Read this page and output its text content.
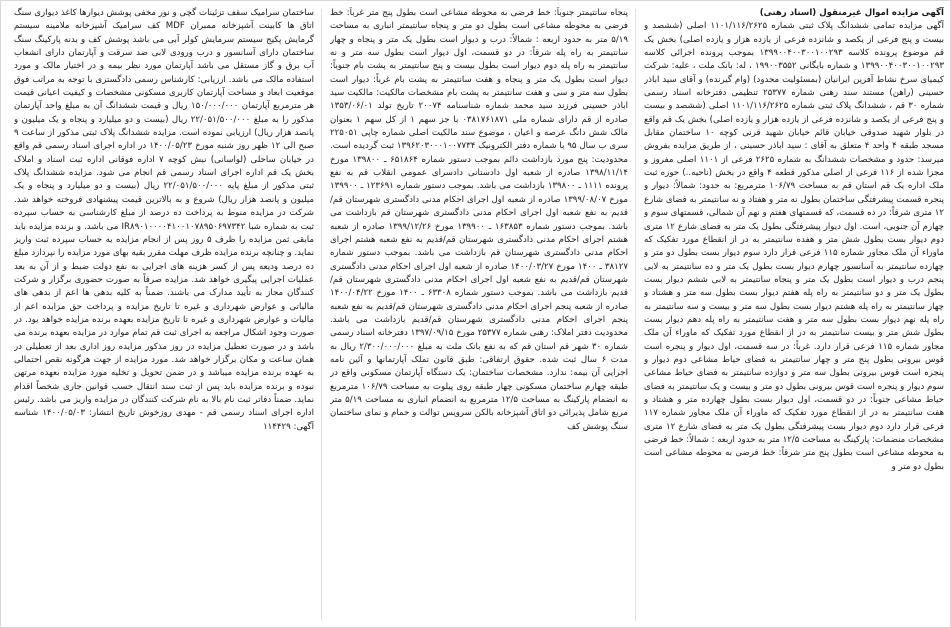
آگهی مزایده اموال غیرمنقول (اسناد رهنی)

آگهی مزایده تمامی ششدانگ پلاک ثبتی شماره ۱۱۰۱/۱۱۶/۲۶۲۵ اصلی (ششصد و بیست و پنج فرعی از یکصد و شانزده فرعی از یازده هزار و یازده اصلی) بخش یک قم موضوع پرونده کلاسه ۱۳۹۹۰۰۴۰۰۳۰۰۱۰۰۲۹۳ بموجب پرونده اجرائی کلاسه ۱۳۹۹۰۰۴۰۰۳۰۰۱۰۰۲۹۳ و شماره بایگانی ۱۹۹۰۰۳۵۵۲ ، له: بانک ملت ، علیه: شرکت کیمیای سرخ نشاط آفرین ایرانیان (بمسئولیت محدود) (وام گیرنده) و آقای سید اباذر حسینی (راهن) مستند سند رهنی شماره ۲۵۳۷۷ تنظیمی دفترخانه اسناد رسمی شماره ۳۰ قم ، ششدانگ پلاک ثبتی شماره ۱۱۰۱/۱۱۶/۲۶۲۵ اصلی (ششصد و بیست و پنج فرعی از یکصد و شانزده فرعی از یازده هزار و یازده اصلی) بخش یک قم واقع در بلوار شهید صدوقی خیابان قائم خیابان شهید قرنی کوچه ۱۰ ساختمان مقابل مسجد طبقه ۴ واحد ۴ متعلق به آقای : سید اباذر حسینی ، از طریق مزایده بفروش میرسد: حدود و مشخصات ششدانگ به شماره ۲۶۲۵ فرعی از ۱۱۰۱ اصلی مفروز و مجزا شده از ۱۱۶ فرعی از اصلی مذکور قطعه ۴ واقع در بخش (ناحیه..) حوزه ثبت ملک اداره یک قم استان قم به مساحت ۱۰۶/۷۹ مترمربع: به حدود: شمالاً: دیوار و پنجره قسمت پیشرفتگی ساختمان بطول نه متر و هفتاد و نه سانتیمتر به فضای شارع ۱۲ متری شرقاً: در ده قسمت، که قسمتهای هفتم و نهم آن شمالی، قسمتهای سوم و چهارم آن جنوبی، است. اول دیوار پیشرفتگی بطول یک متر به فضای شارع ۱۲ متری دوم دیوار بست بطول شش متر و هفده سانتیمتر به در از انقطاع مورد تفکیک که ماوراء آن ملک مجاور شماره ۱۱۵ فرعی قرار دارد سوم دیوار بست بطول دو متر و چهارده سانتیمتر به آسانسور چهارم دیوار بست بطول یک متر و ده سانتیمتر به لابی پنجم درب و دیوار است بطول یک متر و پنجاه سانتیمتر به لابی ششم دیوار بست بطول یک متر و دو سانتیمتر به راه پله هفتم دیوار بست بطول سه متر و هشتاد و چهار سانتیمتر به راه پله هشتم دیوار بست بطول سه متر و بیست و سه سانتیمتر به راه پله نهم دیوار بست بطول سه متر و هفت سانتیمتر به راه پله دهم دیوار بست بطول شش متر و بیست سانتیمتر به در از انقطاع مورد تفکیک که ماوراء آن ملک مجاور شماره ۱۱۵ فرعی قرار دارد. غرباً: در سه قسمت، اول دیوار و پنجره است قوس بیرونی بطول پنج متر و چهار سانتیمتر به فضای حیاط مشاعی دوم دیوار و پنجره است قوس بیرونی بطول سه متر و دوازده سانتیمتر به فضای حیاط مشاعی سوم دیوار و پنجره است قوس بیرونی بطول دو متر و بیست و یک سانتیمتر به فضای حیاط مشاعی جنوباً: در دو قسمت، اول دیوار بست بطول چهارده متر و هشتاد و هفت سانتیمتر به در از انقطاع مورد تفکیک که ماوراء آن ملک مجاور شماره ۱۱۷ فرعی قرار دارد دوم دیوار بست پیشرفتگی بطول یک متر به فضای شارع ۱۲ متری مشخصات منضمات: پارکینگ به مساحت ۱۲/۵ متر به حدود اربعه : شمالاً: خط فرضی به محوطه مشاعی است بطول پنج متر شرقاً: خط فرضی به محوطه مشاعی است بطول دو متر و

پنجاه سانتیمتر جنوباً: خط فرضی به محوطه مشاعی است بطول پنج متر غرباً: خط فرضی به محوطه مشاعی است بطول دو متر و پنجاه سانتیمتر انباری به مساحت ۵/۱۹ متر به حدود اربعه : شمالاً: درب و دیوار است بطول یک متر و پنجاه و چهار سانتیمتر به راه پله شرقاً: در دو قسمت، اول دیوار است بطول سه متر و نه سانتیمتر به راه پله دوم دیوار است بطول بیست و پنج سانتیمتر به پشت بام جنوباً: دیوار است بطول یک متر و پنجاه و هفت سانتیمتر به پشت بام غرباً: دیوار است بطول سه متر و سی و هفت سانتیمتر به پشت بام مشخصات مالکیت: مالکیت سید اباذر حسینی فرزند سید محمد شماره شناسنامه ۲۰۰۷۴ تاریخ تولد ۱۳۵۳/۰۶/۰۱ صادره از قم دارای شماره ملی ۰۳۸۱۷۶۱۸۷۱ با جز سهم ۱ از کل سهم ۱ بعنوان مالک شش دانگ عرصه و اعیان ، موضوع سند مالکیت اصلی شماره چاپی ۲۲۵۰۵۱ سری ب سال ۹۵ با شماره دفتر الکترونیک ۱۳۹۶۲۰۳۰۰۰۱۰۰۷۷۳۴ ثبت گردیده است. محدودیت: پنج مورد بازداشت دائم بموجب دستور شماره ۶۵۱۸۶۴ ـ ۱۳۹۸۰۰ مورخ ۱۳۹۸/۱۱/۱۴ صادره از شعبه اول دادستانی دادسرای عمومی انقلاب قم به نفع پرونده ۱۱۱۱ ـ ۱۳۹۸۰۰ بازداشت می باشد. بموجب دستور شماره ۱۲۳۶۹۱ ـ ۱۳۹۹۰۰ مورخ ۱۳۹۹/۰۸/۰۷ صادره از شعبه اول اجرای احکام مدنی دادگستری شهرستان قم/قدیم به نفع شعبه اول اجرای احکام مدنی دادگستری شهرستان قم بازداشت می باشد. بموجب دستور شماره ۱۶۳۸۵۳ ـ ۱۳۹۹۰۰ مورخ ۱۳۹۹/۱۲/۲۶ صادره از شعبه هشتم اجرای احکام مدنی دادگستری شهرستان قم/قدیم به نفع شعبه هشتم اجرای احکام مدنی دادگستری شهرستان قم بازداشت می باشد. بموجب دستور شماره ۳۸۱۲۷ ـ ۱۴۰۰ مورخ ۱۴۰۰/۰۳/۲۷ صادره از شعبه اول اجرای احکام مدنی دادگستری شهرستان قم/قدیم به نفع شعبه اول اجرای احکام مدنی دادگستری شهرستان قم/قدیم بازداشت می باشد. بموجب دستور شماره ۶۳۳۰۸ ـ ۱۴۰۰ مورخ ۱۴۰۰/۰۴/۲۲ صادره از شعبه پنجم اجرای احکام مدنی دادگستری شهرستان قم/قدیم به نفع شعبه پنجم اجرای احکام مدنی دادگستری شهرستان قم/قدیم بازداشت می باشد. محدودیت دفتر املاک: رهنی شماره ۲۵۳۷۷ مورخ ۱۳۹۷/۰۹/۱۵ دفترخانه اسناد رسمی شماره ۳۰ شهر قم استان قم که به نفع بانک ملت به مبلغ ۲/۳۰۰/۰۰۰/۰۰۰ ریال به مدت ۶ سال ثبت شده. حقوق ارتفاقی: طبق قانون تملک آپارتمانها و آئین نامه اجرایی آن بیمه: ندارد. مشخصات ساختمان: یک دستگاه آپارتمان مسکونی واقع در طبقه چهارم ساختمان مسکونی چهار طبقه روی پیلوت به مساحت ۱۰۶/۷۹ مترمربع به انضمام پارکینگ به مساحت ۱۲/۵ مترمربع به انضمام انباری به مساحت ۵/۱۹ متر مربع شامل پذیرائی دو اتاق آشپزخانه بالکن سرویس توالت و حمام و نمای ساختمان سنگ پوشش کف

ساختمان سرامیک سقف تزئینات گچی و نور مخفی پوشش دیوارها کاغذ دیواری سنگ اتاق ها کابینت آشپزخانه ممبران MDF کف سرامیک آشپزخانه ملامینه سیستم گرمایش پکیج سیستم سرمایش کولر آبی می باشد پوشش کف و بدنه پارکینگ سنگ ساختمان دارای آسانسور و درب ورودی لابی ضد سرقت و آپارتمان دارای انشعاب آب برق و گاز مستقل می باشد آپارتمان مورد نظر بیمه و در اختیار مالک و مورد استفاده مالک می باشد. ارزیابی: کارشناس رسمی دادگستری با توجه به مراتب فوق موقعیت ابعاد و مساحت آپارتمان کاربری مسکونی مشخصات و کیفیت اعیانی قیمت هر مترمربع آپارتمان ۱۵۰/۰۰۰/۰۰۰ ریال و قیمت ششدانگ آن به مبلغ واحد آپارتمان مذکور را به مبلغ ۲۲/۰۵۱/۵۰۰/۰۰۰ ریال (بیست و دو میلیارد و پنجاه و یک میلیون و پانصد هزار ریال) ارزیابی نموده است. مزایده ششدانگ پلاک ثبتی مذکور از ساعت ۹ صبح الی ۱۲ ظهر روز شنبه مورخ ۱۴۰۰/۰۵/۲۳ در اداره اجرای اسناد رسمی قم واقع در خیابان ساحلی (لواسانی) نبش کوچه ۷ اداره فوقانی اداره ثبت اسناد و املاک بخش یک قم اداره اجرای اسناد رسمی قم انجام می شود. مزایده ششدانگ پلاک ثبتی مذکور از مبلغ پایه ۲۲/۰۵۱/۵۰۰/۰۰۰ ریال (بیست و دو میلیارد و پنجاه و یک میلیون و پانصد هزار ریال) شروع و به بالاترین قیمت پیشنهادی فروخته خواهد شد. شرکت در مزایده منوط به پرداخت ده درصد از مبلغ کارشناسی به حساب سپرده ثبت به شماره شبا IR۸۹۰۱۰۰۰۰۴۱۰۰۱۰۷۸۹۵۰۶۹۷۳۴۲ می باشد. و برنده مزایده باید مابقی ثمن مزایده را ظرف ۵ روز پس از انجام مزایده به حساب سپرده ثبت واریز نماید. و چنانچه برنده مزایده ظرف مهلت مقرر بقیه بهای مورد مزایده را نپردازد مبلغ ده درصد ودیعه پس از کسر هزینه های اجرایی به نفع دولت ضبط و از آن به بعد عملیات اجرایی پیگیری خواهد شد. مزایده صرفاً به صورت حضوری برگزار و شرکت کنندگان مجاز به تأیید مدارک می باشند. ضمناً به کلیه بدهی ها اعم از بدهی های مالیاتی و عوارض شهرداری و غیره تا تاریخ مزایده و پرداخت حق مزایده اعم از مالیات و عوارض شهرداری و غیره تا تاریخ مزایده بعهده برنده مزایده خواهد بود. در صورت وجود اشکال مراجعه به اجرای ثبت قم تمام موارد در مزایده بعهده برنده می باشد و در صورت تعطیل مزایده در روز مذکور مزایده روز اداری بعد از تعطیلی در همان ساعت و مکان برگزار خواهد شد. مورد مزایده از جهت هرگونه نقص احتمالی به عهده برنده مزایده میباشد و در ضمن تحویل و تخلیه مورد مزایده بعهده مرتهن نبوده و برنده مزایده باید پس از ثبت سند انتقال حسب قوانین جاری شخصاً اقدام نماید. ضمناً دفاتر ثبت نام بالا به نام شرکت کنندگان در مزایده واریز می باشد. رئیس اداره اجرای اسناد رسمی قم - مهدی روزخوش تاریخ انتشار: ۱۴۰۰/۰۵/۰۳ شناسه آگهی: ۱۱۴۴۲۹
